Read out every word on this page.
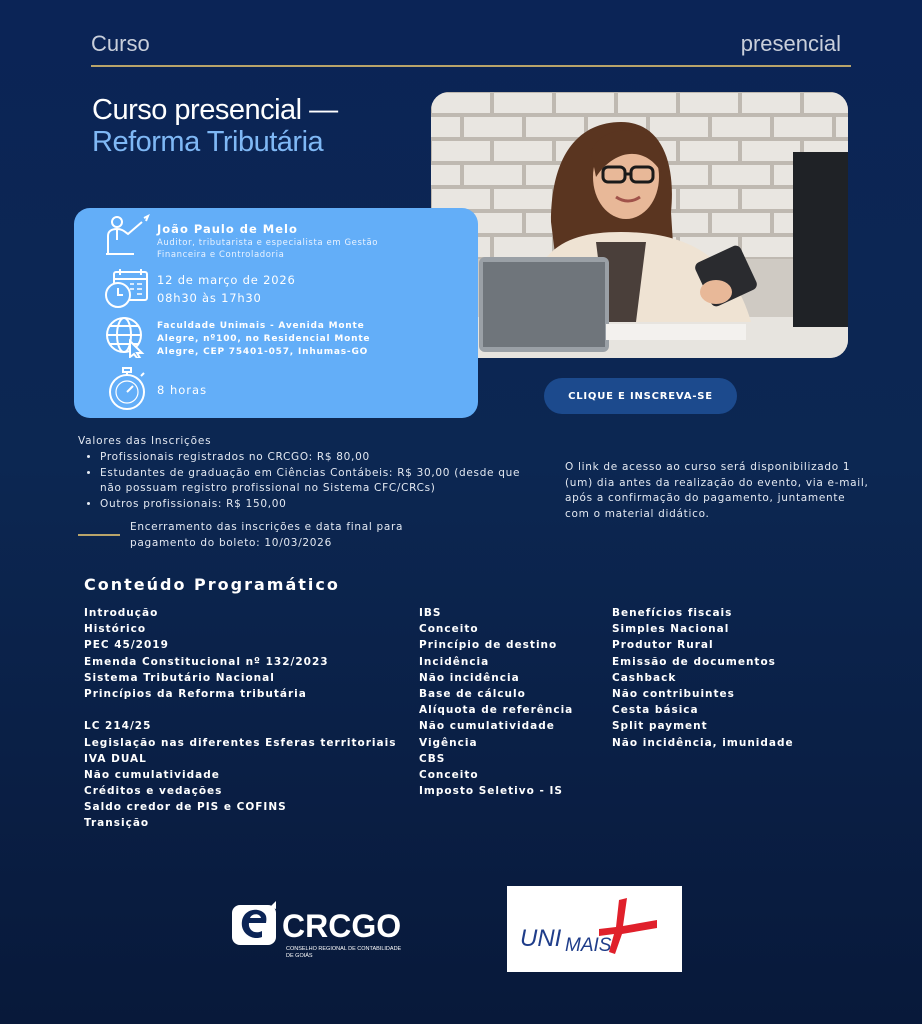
Curso	presencial
Curso presencial —
Reforma Tributária
João Paulo de Melo
Auditor, tributarista e especialista em Gestão Financeira e Controladoria
12 de março de 2026
08h30 às 17h30
Faculdade Unimais - Avenida Monte Alegre, nº100, no Residencial Monte Alegre, CEP 75401-057, Inhumas-GO
8 horas	CLIQUE E INSCREVA-SE
Valores das Inscrições
• Profissionais registrados no CRCGO: R$ 80,00
• Estudantes de graduação em Ciências Contábeis: R$ 30,00 (desde que não possuam registro profissional no Sistema CFC/CRCs)
• Outros profissionais: R$ 150,00
Encerramento das inscrições e data final para pagamento do boleto: 10/03/2026
O link de acesso ao curso será disponibilizado 1 (um) dia antes da realização do evento, via e-mail, após a confirmação do pagamento, juntamente com o material didático.
Conteúdo Programático
Introdução
Histórico
PEC 45/2019
Emenda Constitucional nº 132/2023
Sistema Tributário Nacional
Princípios da Reforma tributária
LC 214/25
Legislação nas diferentes Esferas territoriais
IVA DUAL
Não cumulatividade
Créditos e vedações
Saldo credor de PIS e COFINS
Transição
IBS
Conceito
Princípio de destino
Incidência
Não incidência
Base de cálculo
Alíquota de referência
Não cumulatividade
Vigência
CBS
Conceito
Imposto Seletivo - IS
Benefícios fiscais
Simples Nacional
Produtor Rural
Emissão de documentos
Cashback
Não contribuintes
Cesta básica
Split payment
Não incidência, imunidade
CRCGO
CONSELHO REGIONAL DE CONTABILIDADE
DE GOIÁS
UNI MAIS
